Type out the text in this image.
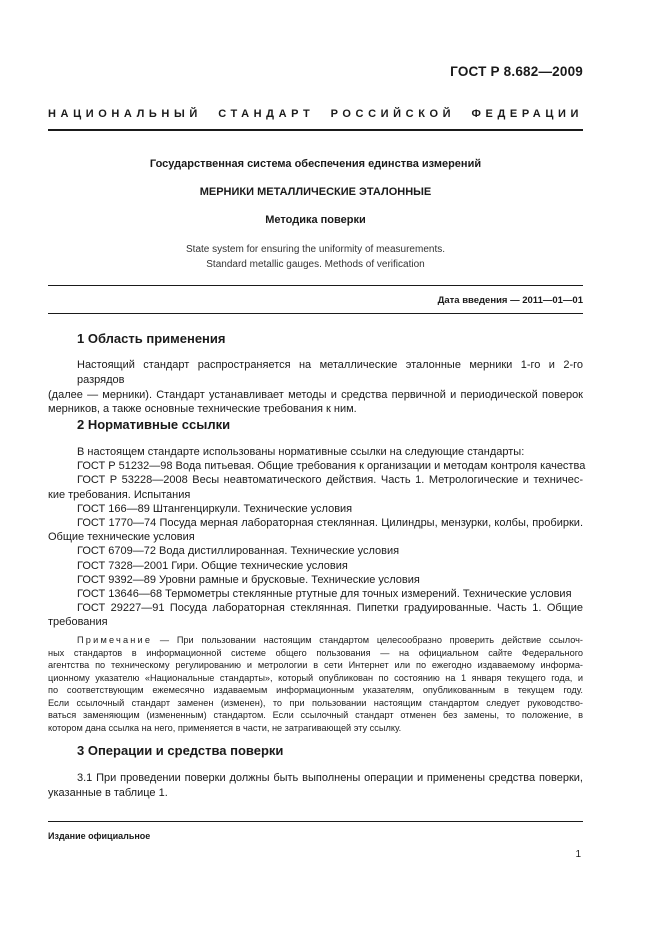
ГОСТ Р 8.682—2009
НАЦИОНАЛЬНЫЙ СТАНДАРТ РОССИЙСКОЙ ФЕДЕРАЦИИ
Государственная система обеспечения единства измерений
МЕРНИКИ МЕТАЛЛИЧЕСКИЕ ЭТАЛОННЫЕ
Методика поверки
State system for ensuring the uniformity of measurements.
Standard metallic gauges. Methods of verification
Дата введения — 2011—01—01
1 Область применения
Настоящий стандарт распространяется на металлические эталонные мерники 1-го и 2-го разрядов
(далее — мерники). Стандарт устанавливает методы и средства первичной и периодической поверок
мерников, а также основные технические требования к ним.
2 Нормативные ссылки
В настоящем стандарте использованы нормативные ссылки на следующие стандарты:
ГОСТ Р 51232—98 Вода питьевая. Общие требования к организации и методам контроля качества
ГОСТ Р 53228—2008 Весы неавтоматического действия. Часть 1. Метрологические и техничес-
кие требования. Испытания
ГОСТ 166—89 Штангенциркули. Технические условия
ГОСТ 1770—74 Посуда мерная лабораторная стеклянная. Цилиндры, мензурки, колбы, пробирки.
Общие технические условия
ГОСТ 6709—72 Вода дистиллированная. Технические условия
ГОСТ 7328—2001 Гири. Общие технические условия
ГОСТ 9392—89 Уровни рамные и брусковые. Технические условия
ГОСТ 13646—68 Термометры стеклянные ртутные для точных измерений. Технические условия
ГОСТ 29227—91 Посуда лабораторная стеклянная. Пипетки градуированные. Часть 1. Общие
требования
Примечание — При пользовании настоящим стандартом целесообразно проверить действие ссылоч-
ных стандартов в информационной системе общего пользования — на официальном сайте Федерального
агентства по техническому регулированию и метрологии в сети Интернет или по ежегодно издаваемому информа-
ционному указателю «Национальные стандарты», который опубликован по состоянию на 1 января текущего года, и
по соответствующим ежемесячно издаваемым информационным указателям, опубликованным в текущем году.
Если ссылочный стандарт заменен (изменен), то при пользовании настоящим стандартом следует руководство-
ваться заменяющим (измененным) стандартом. Если ссылочный стандарт отменен без замены, то положение, в
котором дана ссылка на него, применяется в части, не затрагивающей эту ссылку.
3 Операции и средства поверки
3.1 При проведении поверки должны быть выполнены операции и применены средства поверки,
указанные в таблице 1.
Издание официальное
1
